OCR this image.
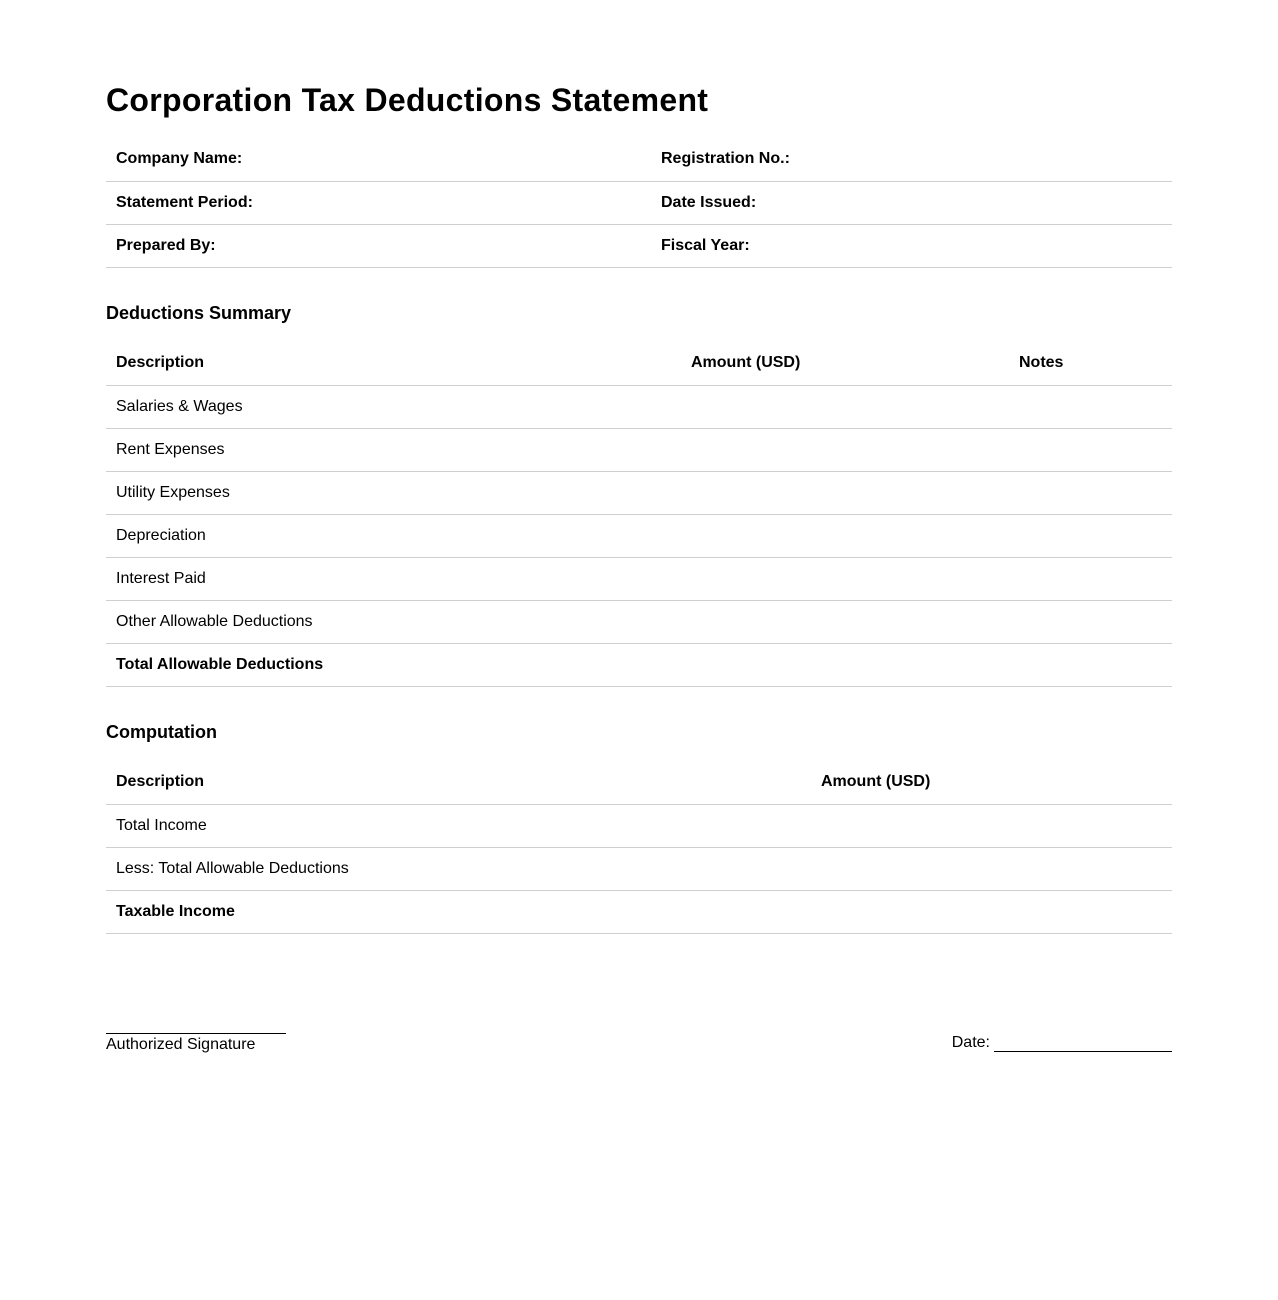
Corporation Tax Deductions Statement
Company Name:	Registration No.:
Statement Period:	Date Issued:
Prepared By:	Fiscal Year:
Deductions Summary
Description	Amount (USD)	Notes
Salaries & Wages		
Rent Expenses		
Utility Expenses		
Depreciation		
Interest Paid		
Other Allowable Deductions		
Total Allowable Deductions		
Computation
Description	Amount (USD)
Total Income	
Less: Total Allowable Deductions	
Taxable Income	
Authorized Signature	Date:
